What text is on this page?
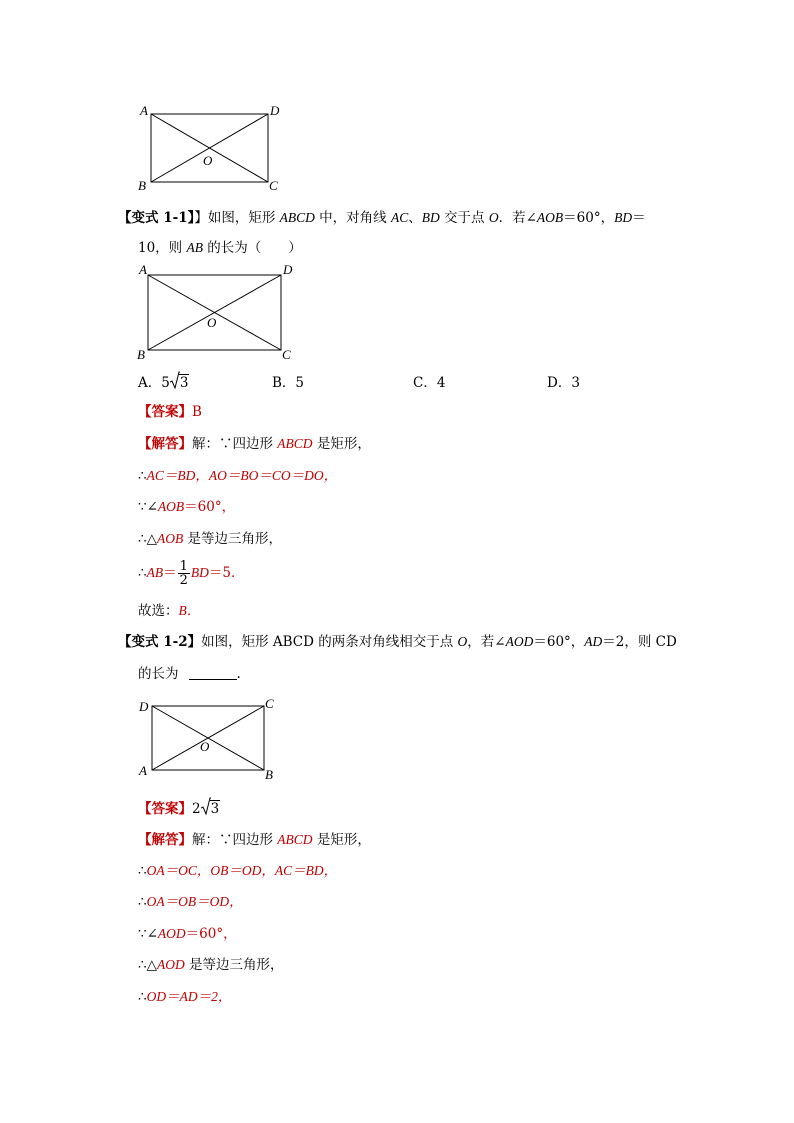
A	D
B	C
O
【变式 1-1】】如图，矩形 ABCD 中，对角线 AC、BD 交于点 O．若∠AOB＝60°，BD＝
10，则 AB 的长为（　　）
A	D
B	C
O
A．5 3	B．5	C．4	D．3
【答案】B
【解答】解：∵四边形 ABCD 是矩形，
∴AC＝BD，AO＝BO＝CO＝DO，
∵∠AOB＝60°，
∴△AOB 是等边三角形，
∴AB＝ $\frac{1}{2} BD=5$．
故选：B．
【变式 1-2】如图，矩形 ABCD 的两条对角线相交于点 O，若∠AOD＝60°，AD＝2，则 CD
的长为	.
D	C
A	B
O
【答案】2 3
【解答】解：∵四边形 ABCD 是矩形，
∴OA＝OC，OB＝OD，AC＝BD，
∴OA＝OB＝OD，
∵∠AOD＝60°，
∴△AOD 是等边三角形，
∴OD＝AD＝2，
